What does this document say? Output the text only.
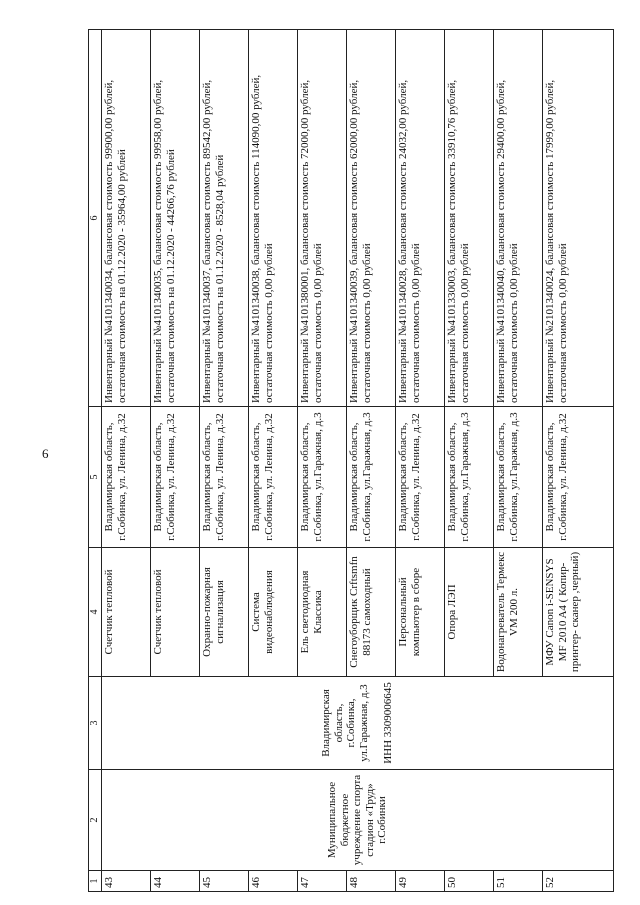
6
1	2	3	4	5	6
43	Муниципальное бюджетное учреждение спорта стадион «Труд» г.Собинки	Владимирская область, г.Собинка, ул.Гаражная, д.3 ИНН 3309006645	Счетчик тепловой	Владимирская область, г.Собинка, ул. Ленина, д.32	Инвентарный №4101340034, балансовая стоимость 99900,00 рублей, остаточная стоимость на 01.12.2020 - 35964,00 рублей
44			Счетчик тепловой	Владимирская область, г.Собинка, ул. Ленина, д.32	Инвентарный №4101340035, балансовая стоимость 99958,00 рублей, остаточная стоимость на 01.12.2020 - 44266,76 рублей
45			Охранно-пожарная сигнализация	Владимирская область, г.Собинка, ул. Ленина, д.32	Инвентарный №4101340037, балансовая стоимость 89542,00 рублей, остаточная стоимость на 01.12.2020 - 8528,04 рублей
46			Система видеонаблюдения	Владимирская область, г.Собинка, ул. Ленина, д.32	Инвентарный №4101340038, балансовая стоимость 114090,00 рублей, остаточная стоимость 0,00 рублей
47			Ель светодиодная Классика	Владимирская область, г.Собинка, ул.Гаражная, д.3	Инвентарный №4101380001, балансовая стоимость 72000,00 рублей, остаточная стоимость 0,00 рублей
48			Снегоуборщик Crftsmfn 88173 самоходный	Владимирская область, г.Собинка, ул.Гаражная, д.3	Инвентарный №4101340039, балансовая стоимость 62000,00 рублей, остаточная стоимость 0,00 рублей
49			Персональный компьютер в сборе	Владимирская область, г.Собинка, ул. Ленина, д.32	Инвентарный №4101340028, балансовая стоимость 24032,00 рублей, остаточная стоимость 0,00 рублей
50			Опора ЛЭП	Владимирская область, г.Собинка, ул.Гаражная, д.3	Инвентарный №4101330003, балансовая стоимость 33910,76 рублей, остаточная стоимость 0,00 рублей
51			Водонагреватель Термекс VM 200 л.	Владимирская область, г.Собинка, ул.Гаражная, д.3	Инвентарный №4101340040, балансовая стоимость 29400,00 рублей, остаточная стоимость 0,00 рублей
52			МФУ Canon i-SENSYS MF 2010 A4 ( Копир- принтер- сканер ,черный)	Владимирская область, г.Собинка, ул. Ленина, д.32	Инвентарный №2101340024, балансовая стоимость 17999,00 рублей, остаточная стоимость 0,00 рублей
